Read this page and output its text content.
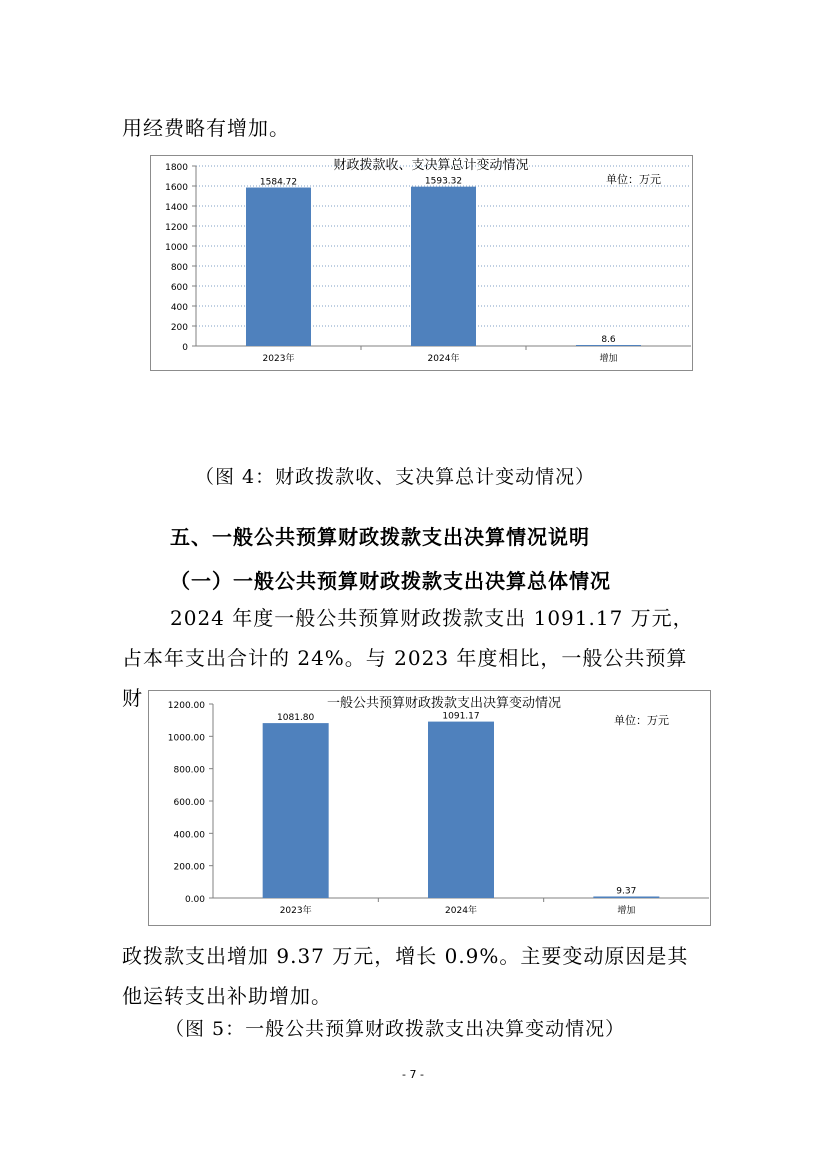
用经费略有增加。

0
200
400
600
800
1000
1200
1400
1600
1800
1584.72
2023年
1593.32
2024年
8.6
增加
财政拨款收、支决算总计变动情况
单位：万元
（图 4：财政拨款收、支决算总计变动情况）
五、一般公共预算财政拨款支出决算情况说明
（一）一般公共预算财政拨款支出决算总体情况

2024 年度一般公共预算财政拨款支出 1091.17 万元，占本年支出合计的 24%。与 2023 年度相比，一般公共预算财

0.00
200.00
400.00
600.00
800.00
1000.00
1200.00
1081.80
2023年
1091.17
2024年
9.37
增加
一般公共预算财政拨款支出决算变动情况
单位：万元

政拨款支出增加 9.37 万元，增长 0.9%。主要变动原因是其他运转支出补助增加。

（图 5：一般公共预算财政拨款支出决算变动情况）
- 7 -
